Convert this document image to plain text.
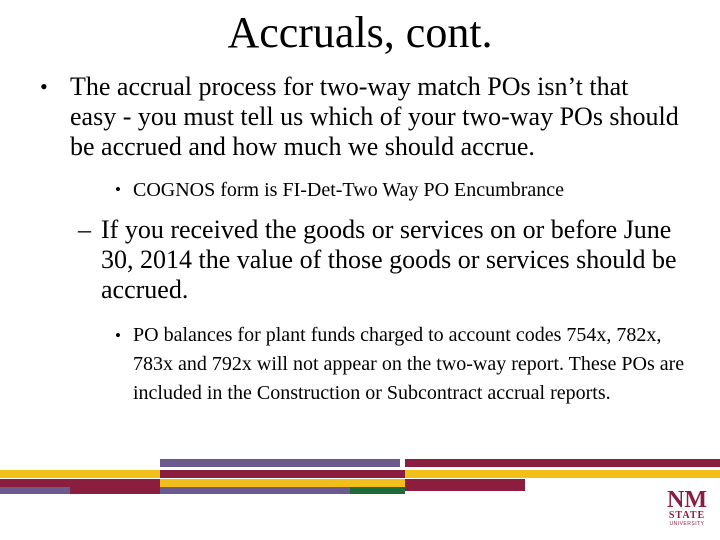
Accruals, cont.
• The accrual process for two-way match POs isn’t that easy - you must tell us which of your two-way POs should be accrued and how much we should accrue.
• COGNOS form is FI-Det-Two Way PO Encumbrance
– If you received the goods or services on or before June 30, 2014 the value of those goods or services should be accrued.
• PO balances for plant funds charged to account codes 754x, 782x, 783x and 792x will not appear on the two-way report. These POs are included in the Construction or Subcontract accrual reports.
NM
STATE
UNIVERSITY
